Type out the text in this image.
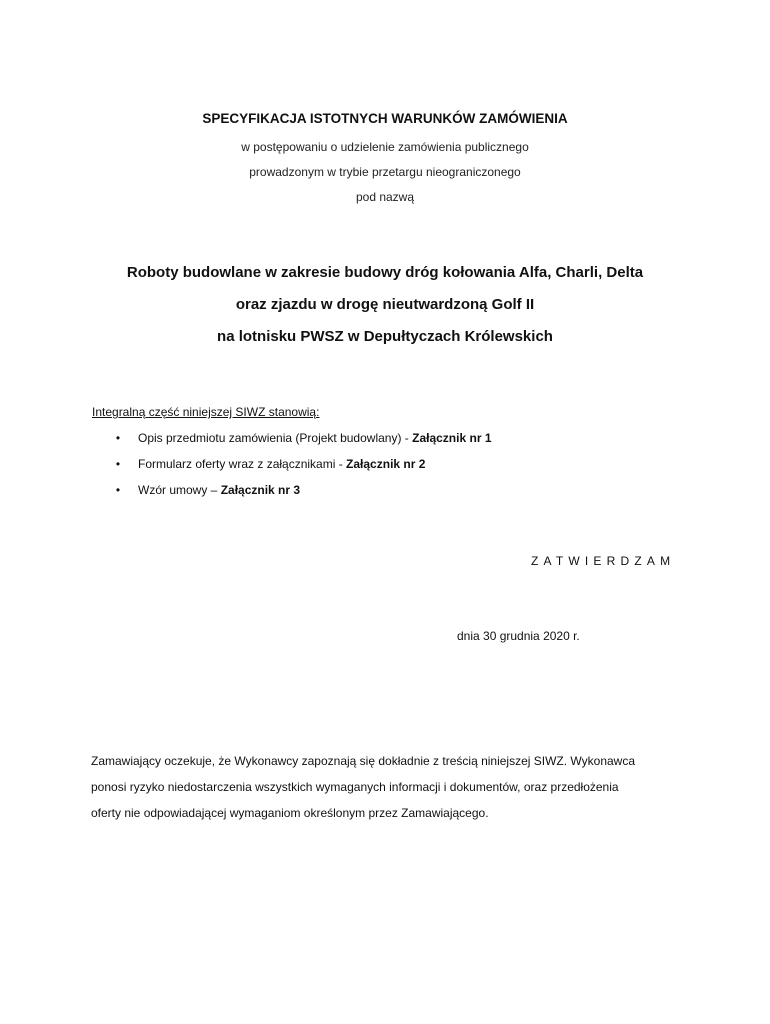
SPECYFIKACJA ISTOTNYCH WARUNKÓW ZAMÓWIENIA
w postępowaniu o udzielenie zamówienia publicznego
prowadzonym w trybie przetargu nieograniczonego
pod nazwą
Roboty budowlane w zakresie budowy dróg kołowania Alfa, Charli, Delta
oraz zjazdu w drogę nieutwardzoną Golf II
na lotnisku PWSZ w Depułtyczach Królewskich
Integralną część niniejszej SIWZ stanowią:
•	Opis przedmiotu zamówienia (Projekt budowlany) - Załącznik nr 1
•	Formularz oferty wraz z załącznikami - Załącznik nr 2
•	Wzór umowy – Załącznik nr 3
ZATWIERDZAM
dnia 30 grudnia 2020 r.
Zamawiający oczekuje, że Wykonawcy zapoznają się dokładnie z treścią niniejszej SIWZ. Wykonawca
ponosi ryzyko niedostarczenia wszystkich wymaganych informacji i dokumentów, oraz przedłożenia
oferty nie odpowiadającej wymaganiom określonym przez Zamawiającego.
